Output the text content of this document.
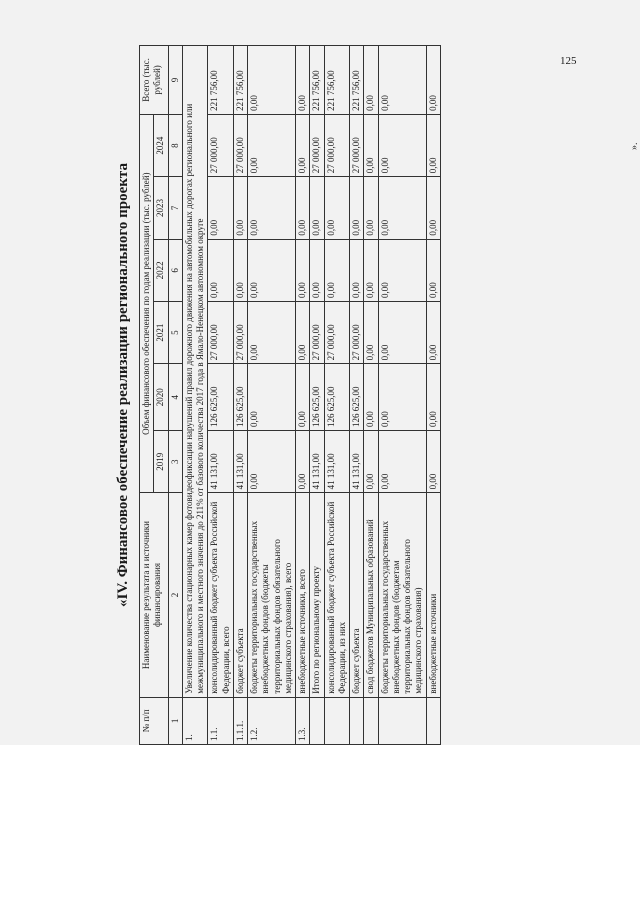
125
«IV. Финансовое обеспечение реализации регионального проекта
№ п/п	Наименование результата и источники финансирования	Объем финансового обеспечения по годам реализации (тыс. рублей)						Всего (тыс. рублей)
		2019	2020	2021	2022	2023	2024	
1	2	3	4	5	6	7	8	9
1.	Увеличение количества стационарных камер фотовидеофиксации нарушений правил дорожного движения на автомобильных дорогах регионального или межмуниципального и местного значения до 211% от базового количества 2017 года в Ямало-Ненецком автономном округе							
1.1.	консолидированный бюджет субъекта Российской Федерации, всего	41 131,00	126 625,00	27 000,00	0,00	0,00	27 000,00	221 756,00
1.1.1.	бюджет субъекта	41 131,00	126 625,00	27 000,00	0,00	0,00	27 000,00	221 756,00
1.2.	бюджеты территориальных государственных внебюджетных фондов (бюджеты территориальных фондов обязательного медицинского страхования), всего	0,00	0,00	0,00	0,00	0,00	0,00	0,00
1.3.	внебюджетные источники, всего	0,00	0,00	0,00	0,00	0,00	0,00	0,00
	Итого по региональному проекту	41 131,00	126 625,00	27 000,00	0,00	0,00	27 000,00	221 756,00
	консолидированный бюджет субъекта Российской Федерации, из них	41 131,00	126 625,00	27 000,00	0,00	0,00	27 000,00	221 756,00
	бюджет субъекта	41 131,00	126 625,00	27 000,00	0,00	0,00	27 000,00	221 756,00
	свод бюджетов Муниципальных образований	0,00	0,00	0,00	0,00	0,00	0,00	0,00
	бюджеты территориальных государственных внебюджетных фондов (бюджетам территориальных фондов обязательного медицинского страхования)	0,00	0,00	0,00	0,00	0,00	0,00	0,00
	внебюджетные источники	0,00	0,00	0,00	0,00	0,00	0,00	0,00
».
